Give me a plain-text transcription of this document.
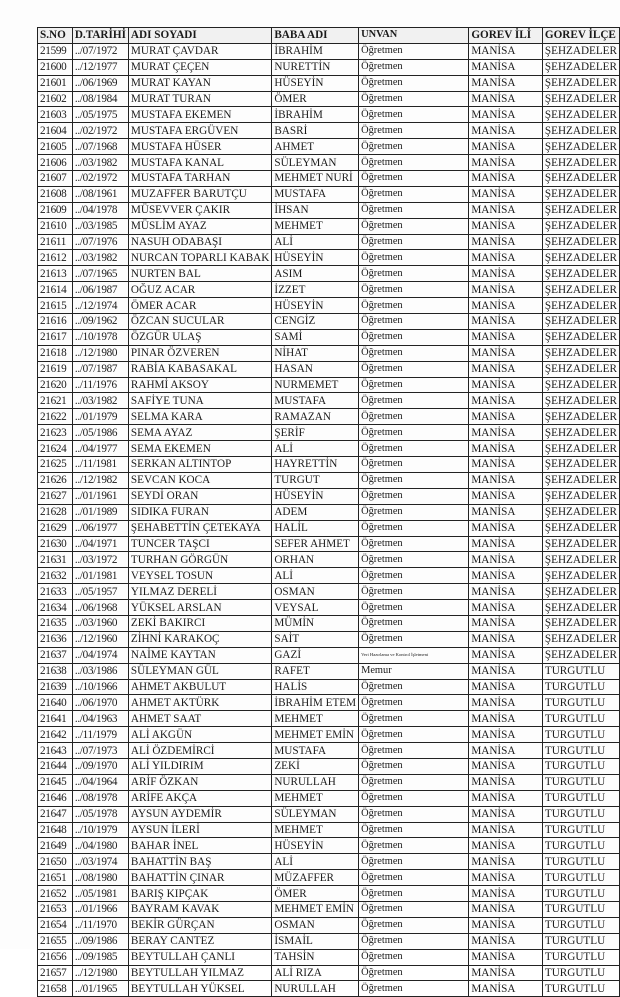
S.NO	D.TARİHİ	ADI SOYADI	BABA ADI	UNVAN	GOREV İLİ	GOREV İLÇE
21599	../07/1972	MURAT ÇAVDAR	İBRAHİM	Öğretmen	MANİSA	ŞEHZADELER
21600	../12/1977	MURAT ÇEÇEN	NURETTİN	Öğretmen	MANİSA	ŞEHZADELER
21601	../06/1969	MURAT KAYAN	HÜSEYİN	Öğretmen	MANİSA	ŞEHZADELER
21602	../08/1984	MURAT TURAN	ÖMER	Öğretmen	MANİSA	ŞEHZADELER
21603	../05/1975	MUSTAFA EKEMEN	İBRAHİM	Öğretmen	MANİSA	ŞEHZADELER
21604	../02/1972	MUSTAFA ERGÜVEN	BASRİ	Öğretmen	MANİSA	ŞEHZADELER
21605	../07/1968	MUSTAFA HÜSER	AHMET	Öğretmen	MANİSA	ŞEHZADELER
21606	../03/1982	MUSTAFA KANAL	SÜLEYMAN	Öğretmen	MANİSA	ŞEHZADELER
21607	../02/1972	MUSTAFA TARHAN	MEHMET NURİ	Öğretmen	MANİSA	ŞEHZADELER
21608	../08/1961	MUZAFFER BARUTÇU	MUSTAFA	Öğretmen	MANİSA	ŞEHZADELER
21609	../04/1978	MÜSEVVER ÇAKIR	İHSAN	Öğretmen	MANİSA	ŞEHZADELER
21610	../03/1985	MÜSLİM AYAZ	MEHMET	Öğretmen	MANİSA	ŞEHZADELER
21611	../07/1976	NASUH ODABAŞI	ALİ	Öğretmen	MANİSA	ŞEHZADELER
21612	../03/1982	NURCAN TOPARLI KABAK	HÜSEYİN	Öğretmen	MANİSA	ŞEHZADELER
21613	../07/1965	NURTEN BAL	ASIM	Öğretmen	MANİSA	ŞEHZADELER
21614	../06/1987	OĞUZ ACAR	İZZET	Öğretmen	MANİSA	ŞEHZADELER
21615	../12/1974	ÖMER ACAR	HÜSEYİN	Öğretmen	MANİSA	ŞEHZADELER
21616	../09/1962	ÖZCAN SUCULAR	CENGİZ	Öğretmen	MANİSA	ŞEHZADELER
21617	../10/1978	ÖZGÜR ULAŞ	SAMİ	Öğretmen	MANİSA	ŞEHZADELER
21618	../12/1980	PINAR ÖZVEREN	NİHAT	Öğretmen	MANİSA	ŞEHZADELER
21619	../07/1987	RABİA KABASAKAL	HASAN	Öğretmen	MANİSA	ŞEHZADELER
21620	../11/1976	RAHMİ AKSOY	NURMEMET	Öğretmen	MANİSA	ŞEHZADELER
21621	../03/1982	SAFİYE TUNA	MUSTAFA	Öğretmen	MANİSA	ŞEHZADELER
21622	../01/1979	SELMA KARA	RAMAZAN	Öğretmen	MANİSA	ŞEHZADELER
21623	../05/1986	SEMA AYAZ	ŞERİF	Öğretmen	MANİSA	ŞEHZADELER
21624	../04/1977	SEMA EKEMEN	ALİ	Öğretmen	MANİSA	ŞEHZADELER
21625	../11/1981	SERKAN ALTINTOP	HAYRETTİN	Öğretmen	MANİSA	ŞEHZADELER
21626	../12/1982	SEVCAN KOCA	TURGUT	Öğretmen	MANİSA	ŞEHZADELER
21627	../01/1961	SEYDİ ORAN	HÜSEYİN	Öğretmen	MANİSA	ŞEHZADELER
21628	../01/1989	SIDIKA FURAN	ADEM	Öğretmen	MANİSA	ŞEHZADELER
21629	../06/1977	ŞEHABETTİN ÇETEKAYA	HALİL	Öğretmen	MANİSA	ŞEHZADELER
21630	../04/1971	TUNCER TAŞCI	SEFER AHMET	Öğretmen	MANİSA	ŞEHZADELER
21631	../03/1972	TURHAN GÖRGÜN	ORHAN	Öğretmen	MANİSA	ŞEHZADELER
21632	../01/1981	VEYSEL TOSUN	ALİ	Öğretmen	MANİSA	ŞEHZADELER
21633	../05/1957	YILMAZ DERELİ	OSMAN	Öğretmen	MANİSA	ŞEHZADELER
21634	../06/1968	YÜKSEL ARSLAN	VEYSAL	Öğretmen	MANİSA	ŞEHZADELER
21635	../03/1960	ZEKİ BAKIRCI	MÜMİN	Öğretmen	MANİSA	ŞEHZADELER
21636	../12/1960	ZİHNİ KARAKOÇ	SAİT	Öğretmen	MANİSA	ŞEHZADELER
21637	../04/1974	NAİME KAYTAN	GAZİ	Veri Hazırlama ve Kontrol İşletmeni	MANİSA	ŞEHZADELER
21638	../03/1986	SÜLEYMAN GÜL	RAFET	Memur	MANİSA	TURGUTLU
21639	../10/1966	AHMET AKBULUT	HALİS	Öğretmen	MANİSA	TURGUTLU
21640	../06/1970	AHMET AKTÜRK	İBRAHİM ETEM	Öğretmen	MANİSA	TURGUTLU
21641	../04/1963	AHMET SAAT	MEHMET	Öğretmen	MANİSA	TURGUTLU
21642	../11/1979	ALİ AKGÜN	MEHMET EMİN	Öğretmen	MANİSA	TURGUTLU
21643	../07/1973	ALİ ÖZDEMİRCİ	MUSTAFA	Öğretmen	MANİSA	TURGUTLU
21644	../09/1970	ALİ YILDIRIM	ZEKİ	Öğretmen	MANİSA	TURGUTLU
21645	../04/1964	ARİF ÖZKAN	NURULLAH	Öğretmen	MANİSA	TURGUTLU
21646	../08/1978	ARİFE AKÇA	MEHMET	Öğretmen	MANİSA	TURGUTLU
21647	../05/1978	AYSUN AYDEMİR	SÜLEYMAN	Öğretmen	MANİSA	TURGUTLU
21648	../10/1979	AYSUN İLERİ	MEHMET	Öğretmen	MANİSA	TURGUTLU
21649	../04/1980	BAHAR İNEL	HÜSEYİN	Öğretmen	MANİSA	TURGUTLU
21650	../03/1974	BAHATTİN BAŞ	ALİ	Öğretmen	MANİSA	TURGUTLU
21651	../08/1980	BAHATTİN ÇINAR	MÜZAFFER	Öğretmen	MANİSA	TURGUTLU
21652	../05/1981	BARIŞ KIPÇAK	ÖMER	Öğretmen	MANİSA	TURGUTLU
21653	../01/1966	BAYRAM KAVAK	MEHMET EMİN	Öğretmen	MANİSA	TURGUTLU
21654	../11/1970	BEKİR GÜRÇAN	OSMAN	Öğretmen	MANİSA	TURGUTLU
21655	../09/1986	BERAY CANTEZ	İSMAİL	Öğretmen	MANİSA	TURGUTLU
21656	../09/1985	BEYTULLAH ÇANLI	TAHSİN	Öğretmen	MANİSA	TURGUTLU
21657	../12/1980	BEYTULLAH YILMAZ	ALİ RIZA	Öğretmen	MANİSA	TURGUTLU
21658	../01/1965	BEYTULLAH YÜKSEL	NURULLAH	Öğretmen	MANİSA	TURGUTLU
